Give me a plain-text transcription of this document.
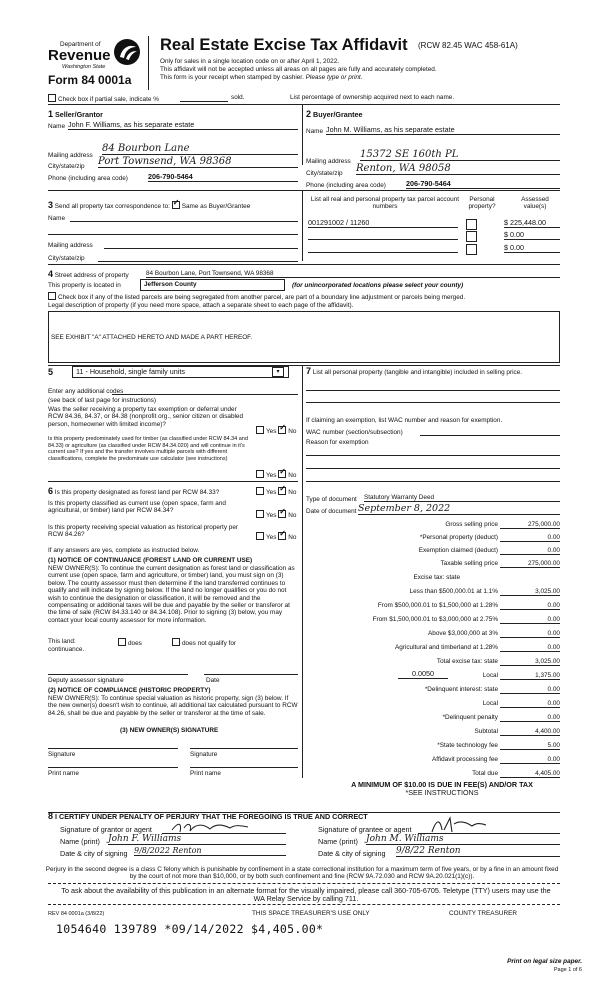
Department of
Revenue
Washington State
Form 84 0001a
Real Estate Excise Tax Affidavit (RCW 82.45 WAC 458-61A)
Only for sales in a single location code on or after April 1, 2022.
This affidavit will not be accepted unless all areas on all pages are fully and accurately completed.
This form is your receipt when stamped by cashier. Please type or print.
Check box if partial sale, indicate %	sold.	List percentage of ownership acquired next to each name.
1 Seller/Grantor
Name John F. Williams, as his separate estate
Mailing address
84 Bourbon Lane
City/state/zip Port Townsend, WA 98368
Phone (including area code)	206-790-5464
2 Buyer/Grantee
Name John M. Williams, as his separate estate
Mailing address
15372 SE 160th PL
City/state/zip Renton, WA 98058
Phone (including area code)	206-790-5464
3 Send all property tax correspondence to: ✓ Same as Buyer/Grantee
Name
Mailing address
City/state/zip
List all real and personal property tax parcel account numbers
Personal property?
Assessed value(s)
001291002 / 11260	$ 225,448.00
$ 0.00
$ 0.00
4 Street address of property	84 Bourbon Lane, Port Townsend, WA 98368
This property is located in	Jefferson County	(for unincorporated locations please select your county)
Check box if any of the listed parcels are being segregated from another parcel, are part of a boundary line adjustment or parcels being merged.
Legal description of property (if you need more space, attach a separate sheet to each page of the affidavit).
SEE EXHIBIT "A" ATTACHED HERETO AND MADE A PART HEREOF.
5	11 - Household, single family units	▾
Enter any additional codes
(see back of last page for instructions)
Was the seller receiving a property tax exemption or deferral under RCW 84.36, 84.37, or 84.38 (nonprofit org., senior citizen or disabled person, homeowner with limited income)?
Yes ✓ No
Is this property predominately used for timber (as classified under RCW 84.34 and 84.33) or agriculture (as classified under RCW 84.34.020) and will continue in it's current use? If yes and the transfer involves multiple parcels with different classifications, complete the predominate use calculator (see instructions)
Yes ✓ No
6 Is this property designated as forest land per RCW 84.33?	Yes ✓ No
Is this property classified as current use (open space, farm and agricultural, or timber) land per RCW 84.34?
Yes ✓ No
Is this property receiving special valuation as historical property per RCW 84.26?	Yes ✓ No
If any answers are yes, complete as instructed below.
(1) NOTICE OF CONTINUANCE (FOREST LAND OR CURRENT USE)
NEW OWNER(S): To continue the current designation as forest land or classification as current use (open space, farm and agriculture, or timber) land, you must sign on (3) below. The county assessor must then determine if the land transferred continues to qualify and will indicate by signing below. If the land no longer qualifies or you do not wish to continue the designation or classification, it will be removed and the compensating or additional taxes will be due and payable by the seller or transferor at the time of sale (RCW 84.33.140 or 84.34.108). Prior to signing (3) below, you may contact your local county assessor for more information.
This land:	does	does not qualify for
continuance.
Deputy assessor signature	Date
(2) NOTICE OF COMPLIANCE (HISTORIC PROPERTY)
NEW OWNER(S): To continue special valuation as historic property, sign (3) below. If the new owner(s) doesn't wish to continue, all additional tax calculated pursuant to RCW 84.26, shall be due and payable by the seller or transferor at the time of sale.
(3) NEW OWNER(S) SIGNATURE
Signature	Signature
Print name	Print name
7 List all personal property (tangible and intangible) included in selling price.
If claiming an exemption, list WAC number and reason for exemption.
WAC number (section/subsection)
Reason for exemption
Type of document Statutory Warranty Deed
Date of document September 8, 2022
Gross selling price	275,000.00
*Personal property (deduct)	0.00
Exemption claimed (deduct)	0.00
Taxable selling price	275,000.00
Excise tax: state
Less than $500,000.01 at 1.1%	3,025.00
From $500,000.01 to $1,500,000 at 1.28%	0.00
From $1,500,000.01 to $3,000,000 at 2.75%	0.00
Above $3,000,000 at 3%	0.00
Agricultural and timberland at 1.28%	0.00
Total excise tax: state	3,025.00
0.0050	Local	1,375.00
*Delinquent interest: state	0.00
Local	0.00
*Delinquent penalty	0.00
Subtotal	4,400.00
*State technology fee	5.00
Affidavit processing fee	0.00
Total due	4,405.00
A MINIMUM OF $10.00 IS DUE IN FEE(S) AND/OR TAX
*SEE INSTRUCTIONS
8 I CERTIFY UNDER PENALTY OF PERJURY THAT THE FOREGOING IS TRUE AND CORRECT
Signature of grantor or agent
Name (print) John F. Williams
Date & city of signing 9/8/2022 Renton
Signature of grantee or agent
Name (print) John M. Williams
Date & city of signing 9/8/22 Renton
Perjury in the second degree is a class C felony which is punishable by confinement in a state correctional institution for a maximum term of five years, or by a fine in an amount fixed by the court of not more than $10,000, or by both such confinement and fine (RCW 9A.72.030 and RCW 9A.20.021(1)(c)).
To ask about the availability of this publication in an alternate format for the visually impaired, please call 360-705-6705. Teletype (TTY) users may use the WA Relay Service by calling 711.
REV 84 0001a (3/8/22)	THIS SPACE TREASURER'S USE ONLY	COUNTY TREASURER
1054640 139789 *09/14/2022 $4,405.00*
Print on legal size paper.
Page 1 of 6
